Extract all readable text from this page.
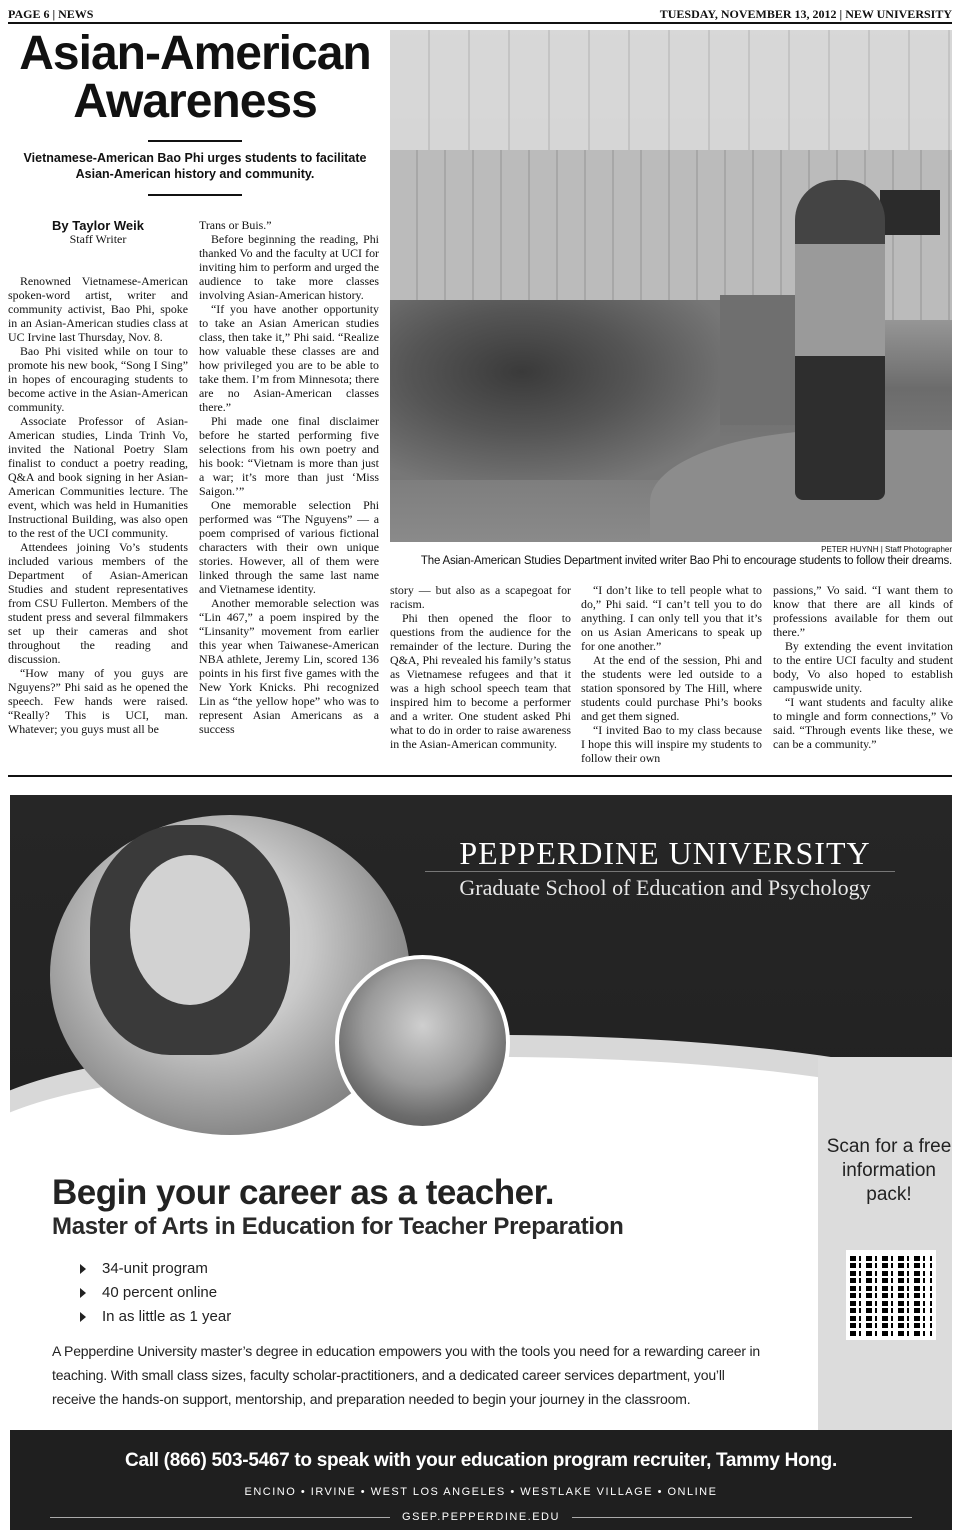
PAGE 6 | NEWS	TUESDAY, NOVEMBER 13, 2012 | NEW UNIVERSITY
Asian-American
Awareness
Vietnamese-American Bao Phi urges students to facilitate Asian-American history and community.
PETER HUYNH | Staff Photographer
The Asian-American Studies Department invited writer Bao Phi to encourage students to follow their dreams.
By Taylor Weik
Staff Writer

Renowned Vietnamese-American spoken-word artist, writer and community activist, Bao Phi, spoke in an Asian-American studies class at UC Irvine last Thursday, Nov. 8.

Bao Phi visited while on tour to promote his new book, “Song I Sing” in hopes of encouraging students to become active in the Asian-American community.

Associate Professor of Asian-American studies, Linda Trinh Vo, invited the National Poetry Slam finalist to conduct a poetry reading, Q&A and book signing in her Asian-American Communities lecture. The event, which was held in Humanities Instructional Building, was also open to the rest of the UCI community.

Attendees joining Vo’s students included various members of the Department of Asian-American Studies and student representatives from CSU Fullerton. Members of the student press and several filmmakers set up their cameras and shot throughout the reading and discussion.

“How many of you guys are Nguyens?” Phi said as he opened the speech. Few hands were raised. “Really? This is UCI, man. Whatever; you guys must all be

Trans or Buis.”

Before beginning the reading, Phi thanked Vo and the faculty at UCI for inviting him to perform and urged the audience to take more classes involving Asian-American history.

“If you have another opportunity to take an Asian American studies class, then take it,” Phi said. “Realize how valuable these classes are and how privileged you are to be able to take them. I’m from Minnesota; there are no Asian-American classes there.”

Phi made one final disclaimer before he started performing five selections from his own poetry and his book: “Vietnam is more than just a war; it’s more than just ‘Miss Saigon.’”

One memorable selection Phi performed was “The Nguyens” — a poem comprised of various fictional characters with their own unique stories. However, all of them were linked through the same last name and Vietnamese identity.

Another memorable selection was “Lin 467,” a poem inspired by the “Linsanity” movement from earlier this year when Taiwanese-American NBA athlete, Jeremy Lin, scored 136 points in his first five games with the New York Knicks. Phi recognized Lin as “the yellow hope” who was to represent Asian Americans as a success

story — but also as a scapegoat for racism.

Phi then opened the floor to questions from the audience for the remainder of the lecture. During the Q&A, Phi revealed his family’s status as Vietnamese refugees and that it was a high school speech team that inspired him to become a performer and a writer. One student asked Phi what to do in order to raise awareness in the Asian-American community.

“I don’t like to tell people what to do,” Phi said. “I can’t tell you to do anything. I can only tell you that it’s on us Asian Americans to speak up for one another.”

At the end of the session, Phi and the students were led outside to a station sponsored by The Hill, where students could purchase Phi’s books and get them signed.

“I invited Bao to my class because I hope this will inspire my students to follow their own

passions,” Vo said. “I want them to know that there are all kinds of professions available for them out there.”

By extending the event invitation to the entire UCI faculty and student body, Vo also hoped to establish campuswide unity.

“I want students and faculty alike to mingle and form connections,” Vo said. “Through events like these, we can be a community.”

PEPPERDINE UNIVERSITY
Graduate School of Education and Psychology
Scan for a free information pack!
Begin your career as a teacher.
Master of Arts in Education for Teacher Preparation
34-unit program
40 percent online
In as little as 1 year
A Pepperdine University master’s degree in education empowers you with the tools you need for a rewarding career in teaching. With small class sizes, faculty scholar-practitioners, and a dedicated career services department, you’ll receive the hands-on support, mentorship, and preparation needed to begin your journey in the classroom.
Call (866) 503-5467 to speak with your education program recruiter, Tammy Hong.
ENCINO • IRVINE • WEST LOS ANGELES • WESTLAKE VILLAGE • ONLINE
GSEP.PEPPERDINE.EDU
